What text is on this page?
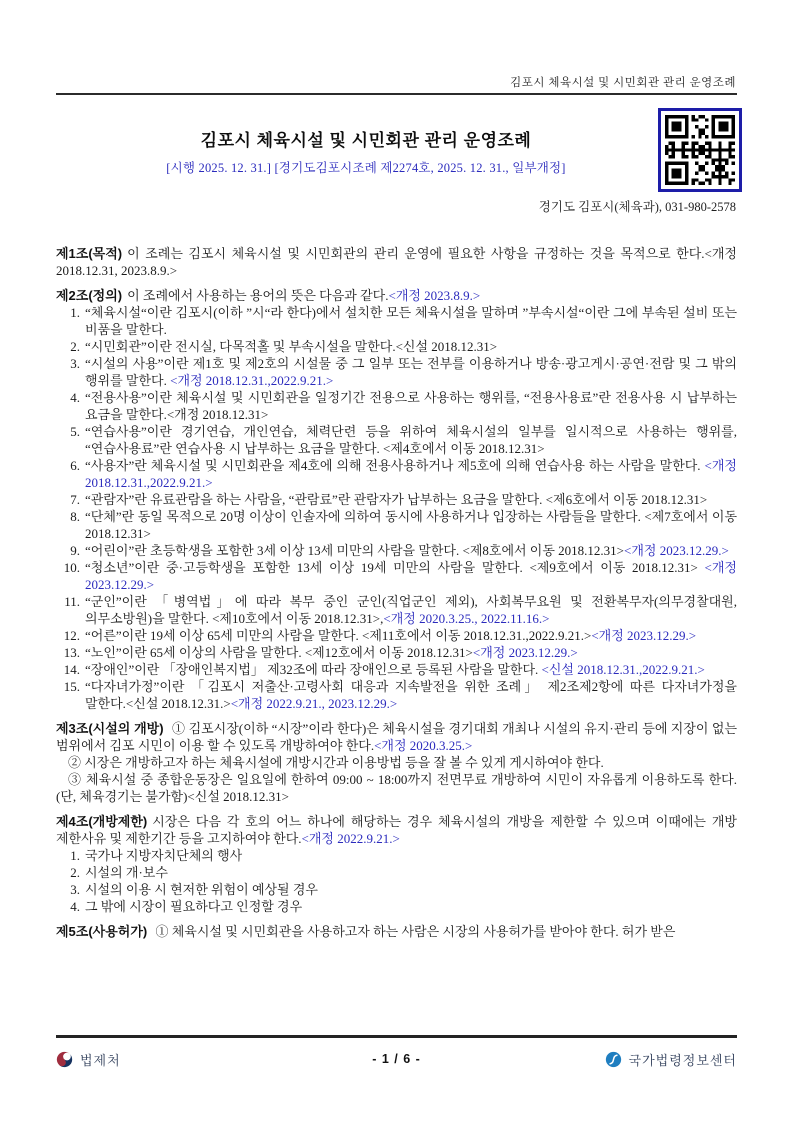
김포시 체육시설 및 시민회관 관리 운영조례
김포시 체육시설 및 시민회관 관리 운영조례
[시행 2025. 12. 31.] [경기도김포시조례 제2274호, 2025. 12. 31., 일부개정]
경기도 김포시(체육과), 031-980-2578

제1조(목적) 이 조례는 김포시 체육시설 및 시민회관의 관리 운영에 필요한 사항을 규정하는 것을 목적으로 한다.<개정 2018.12.31, 2023.8.9.>

제2조(정의) 이 조례에서 사용하는 용어의 뜻은 다음과 같다.<개정 2023.8.9.>

1. “체육시설“이란 김포시(이하 ”시“라 한다)에서 설치한 모든 체육시설을 말하며 ”부속시설“이란 그에 부속된 설비 또는 비품을 말한다.
2. “시민회관”이란 전시실, 다목적홀 및 부속시설을 말한다.<신설 2018.12.31>
3. “시설의 사용”이란 제1호 및 제2호의 시설물 중 그 일부 또는 전부를 이용하거나 방송·광고게시·공연·전람 및 그 밖의 행위를 말한다. <개정 2018.12.31.,2022.9.21.>
4. “전용사용”이란 체육시설 및 시민회관을 일정기간 전용으로 사용하는 행위를, “전용사용료”란 전용사용 시 납부하는 요금을 말한다.<개정 2018.12.31>
5. “연습사용”이란 경기연습, 개인연습, 체력단련 등을 위하여 체육시설의 일부를 일시적으로 사용하는 행위를, “연습사용료”란 연습사용 시 납부하는 요금을 말한다. <제4호에서 이동 2018.12.31>
6. “사용자”란 체육시설 및 시민회관을 제4호에 의해 전용사용하거나 제5호에 의해 연습사용 하는 사람을 말한다. <개정 2018.12.31.,2022.9.21.>
7. “관람자”란 유료관람을 하는 사람을, “관람료”란 관람자가 납부하는 요금을 말한다. <제6호에서 이동 2018.12.31>
8. “단체”란 동일 목적으로 20명 이상이 인솔자에 의하여 동시에 사용하거나 입장하는 사람들을 말한다. <제7호에서 이동 2018.12.31>
9. “어린이”란 초등학생을 포함한 3세 이상 13세 미만의 사람을 말한다. <제8호에서 이동 2018.12.31><개정 2023.12.29.>
10. “청소년”이란 중·고등학생을 포함한 13세 이상 19세 미만의 사람을 말한다. <제9호에서 이동 2018.12.31> <개정 2023.12.29.>
11. “군인”이란 「병역법」에 따라 복무 중인 군인(직업군인 제외), 사회복무요원 및 전환복무자(의무경찰대원, 의무소방원)을 말한다. <제10호에서 이동 2018.12.31>,<개정 2020.3.25., 2022.11.16.>
12. “어른”이란 19세 이상 65세 미만의 사람을 말한다. <제11호에서 이동 2018.12.31.,2022.9.21.><개정 2023.12.29.>
13. “노인”이란 65세 이상의 사람을 말한다. <제12호에서 이동 2018.12.31><개정 2023.12.29.>
14. “장애인”이란 「장애인복지법」 제32조에 따라 장애인으로 등록된 사람을 말한다. <신설 2018.12.31.,2022.9.21.>
15. “다자녀가정”이란 「김포시 저출산·고령사회 대응과 지속발전을 위한 조례」 제2조제2항에 따른 다자녀가정을 말한다.<신설 2018.12.31.><개정 2022.9.21., 2023.12.29.>

제3조(시설의 개방) ① 김포시장(이하 “시장”이라 한다)은 체육시설을 경기대회 개최나 시설의 유지·관리 등에 지장이 없는 범위에서 김포 시민이 이용 할 수 있도록 개방하여야 한다.<개정 2020.3.25.>

② 시장은 개방하고자 하는 체육시설에 개방시간과 이용방법 등을 잘 볼 수 있게 게시하여야 한다.

③ 체육시설 중 종합운동장은 일요일에 한하여 09:00 ~ 18:00까지 전면무료 개방하여 시민이 자유롭게 이용하도록 한다.(단, 체육경기는 불가함)<신설 2018.12.31>

제4조(개방제한) 시장은 다음 각 호의 어느 하나에 해당하는 경우 체육시설의 개방을 제한할 수 있으며 이때에는 개방 제한사유 및 제한기간 등을 고지하여야 한다.<개정 2022.9.21.>

1. 국가나 지방자치단체의 행사
2. 시설의 개·보수
3. 시설의 이용 시 현저한 위험이 예상될 경우
4. 그 밖에 시장이 필요하다고 인정할 경우

제5조(사용허가) ① 체육시설 및 시민회관을 사용하고자 하는 사람은 시장의 사용허가를 받아야 한다. 허가 받은

법제처	- 1 / 6 -	국가법령정보센터
